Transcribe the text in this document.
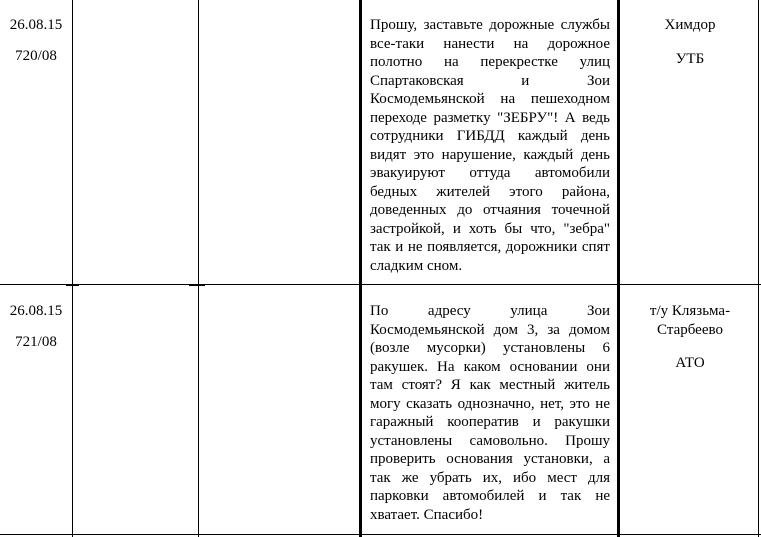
26.08.15
720/08
Прошу, заставьте дорожные службы все-таки нанести на дорожное полотно на перекрестке улиц Спартаковская и Зои Космодемьянской на пешеходном переходе разметку "ЗЕБРУ"! А ведь сотрудники ГИБДД каждый день видят это нарушение, каждый день эвакуируют оттуда автомобили бедных жителей этого района, доведенных до отчаяния точечной застройкой, и хоть бы что, "зебра" так и не появляется, дорожники спят сладким сном.
Химдор
УТБ
26.08.15
721/08
По адресу улица Зои Космодемьянской дом 3, за домом (возле мусорки) установлены 6 ракушек. На каком основании они там стоят? Я как местный житель могу сказать однозначно, нет, это не гаражный кооператив и ракушки установлены самовольно. Прошу проверить основания установки, а так же убрать их, ибо мест для парковки автомобилей и так не хватает. Спасибо!
т/у Клязьма-Старбеево
АТО
